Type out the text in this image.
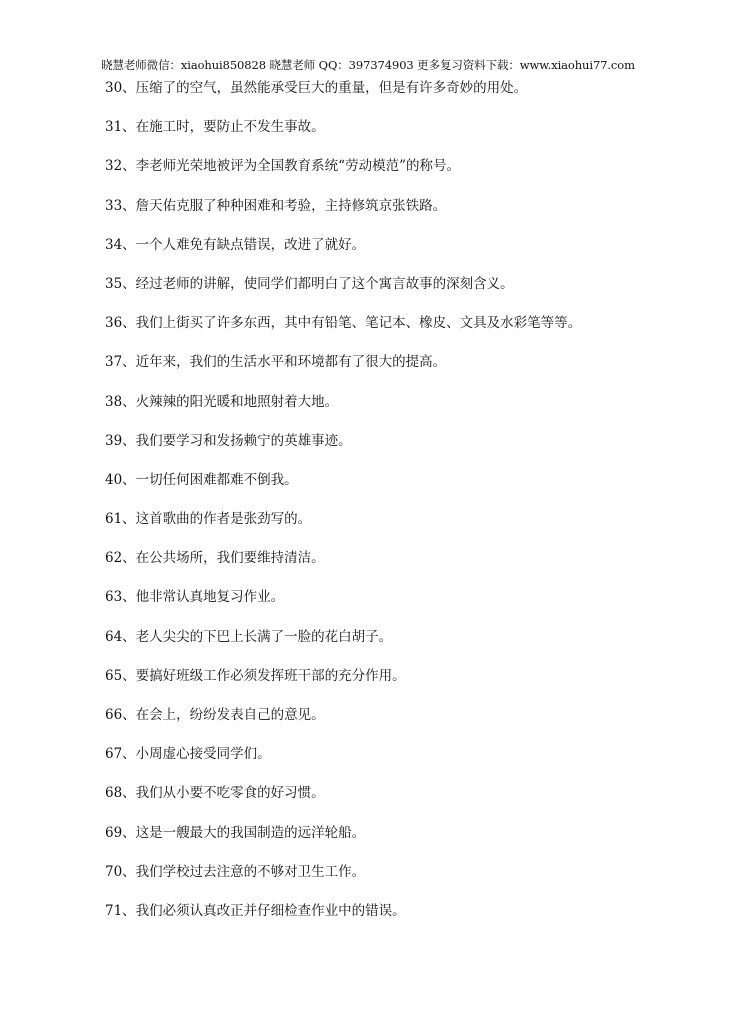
晓慧老师微信：xiaohui850828 晓慧老师 QQ：397374903 更多复习资料下载：www.xiaohui77.com
30、压缩了的空气，虽然能承受巨大的重量，但是有许多奇妙的用处。
31、在施工时，要防止不发生事故。
32、李老师光荣地被评为全国教育系统“劳动模范”的称号。
33、詹天佑克服了种种困难和考验，主持修筑京张铁路。
34、一个人难免有缺点错误，改进了就好。
35、经过老师的讲解，使同学们都明白了这个寓言故事的深刻含义。
36、我们上街买了许多东西，其中有铅笔、笔记本、橡皮、文具及水彩笔等等。
37、近年来，我们的生活水平和环境都有了很大的提高。
38、火辣辣的阳光暖和地照射着大地。
39、我们要学习和发扬赖宁的英雄事迹。
40、一切任何困难都难不倒我。
61、这首歌曲的作者是张劲写的。
62、在公共场所，我们要维持清洁。
63、他非常认真地复习作业。
64、老人尖尖的下巴上长满了一脸的花白胡子。
65、要搞好班级工作必须发挥班干部的充分作用。
66、在会上，纷纷发表自己的意见。
67、小周虚心接受同学们。
68、我们从小要不吃零食的好习惯。
69、这是一艘最大的我国制造的远洋轮船。
70、我们学校过去注意的不够对卫生工作。
71、我们必须认真改正并仔细检查作业中的错误。
